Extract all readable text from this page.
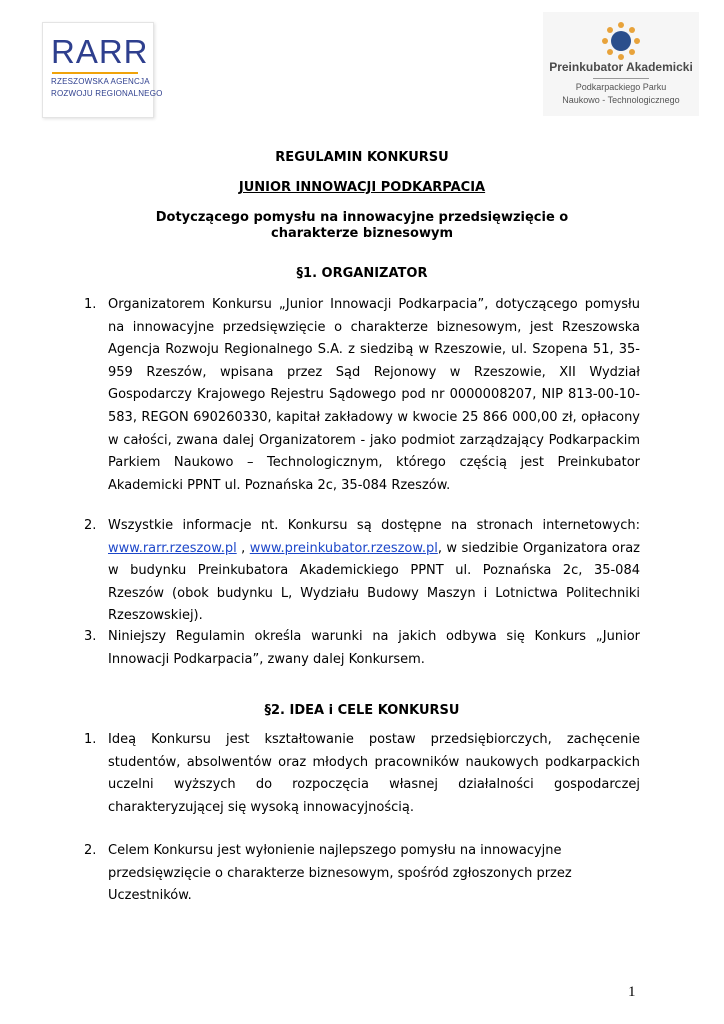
RARR
RZESZOWSKA AGENCJA
ROZWOJU REGIONALNEGO
Preinkubator Akademicki
Podkarpackiego Parku
Naukowo - Technologicznego
REGULAMIN KONKURSU
JUNIOR INNOWACJI PODKARPACIA
Dotyczącego pomysłu na innowacyjne przedsięwzięcie o charakterze biznesowym
§1. ORGANIZATOR
1. Organizatorem Konkursu „Junior Innowacji Podkarpacia”, dotyczącego pomysłu na innowacyjne przedsięwzięcie o charakterze biznesowym, jest Rzeszowska Agencja Rozwoju Regionalnego S.A. z siedzibą w Rzeszowie, ul. Szopena 51, 35-959 Rzeszów, wpisana przez Sąd Rejonowy w Rzeszowie, XII Wydział Gospodarczy Krajowego Rejestru Sądowego pod nr 0000008207, NIP 813-00-10-583, REGON 690260330, kapitał zakładowy w kwocie 25 866 000,00 zł, opłacony w całości, zwana dalej Organizatorem - jako podmiot zarządzający Podkarpackim Parkiem Naukowo – Technologicznym, którego częścią jest Preinkubator Akademicki PPNT ul. Poznańska 2c, 35-084 Rzeszów.
2. Wszystkie informacje nt. Konkursu są dostępne na stronach internetowych: www.rarr.rzeszow.pl , www.preinkubator.rzeszow.pl, w siedzibie Organizatora oraz w budynku Preinkubatora Akademickiego PPNT ul. Poznańska 2c, 35-084 Rzeszów (obok budynku L, Wydziału Budowy Maszyn i Lotnictwa Politechniki Rzeszowskiej).
3. Niniejszy Regulamin określa warunki na jakich odbywa się Konkurs „Junior Innowacji Podkarpacia”, zwany dalej Konkursem.
§2. IDEA i CELE KONKURSU
1. Ideą Konkursu jest kształtowanie postaw przedsiębiorczych, zachęcenie studentów, absolwentów oraz młodych pracowników naukowych podkarpackich uczelni wyższych do rozpoczęcia własnej działalności gospodarczej charakteryzującej się wysoką innowacyjnością.
2. Celem Konkursu jest wyłonienie najlepszego pomysłu na innowacyjne przedsięwzięcie o charakterze biznesowym, spośród zgłoszonych przez Uczestników.
1
